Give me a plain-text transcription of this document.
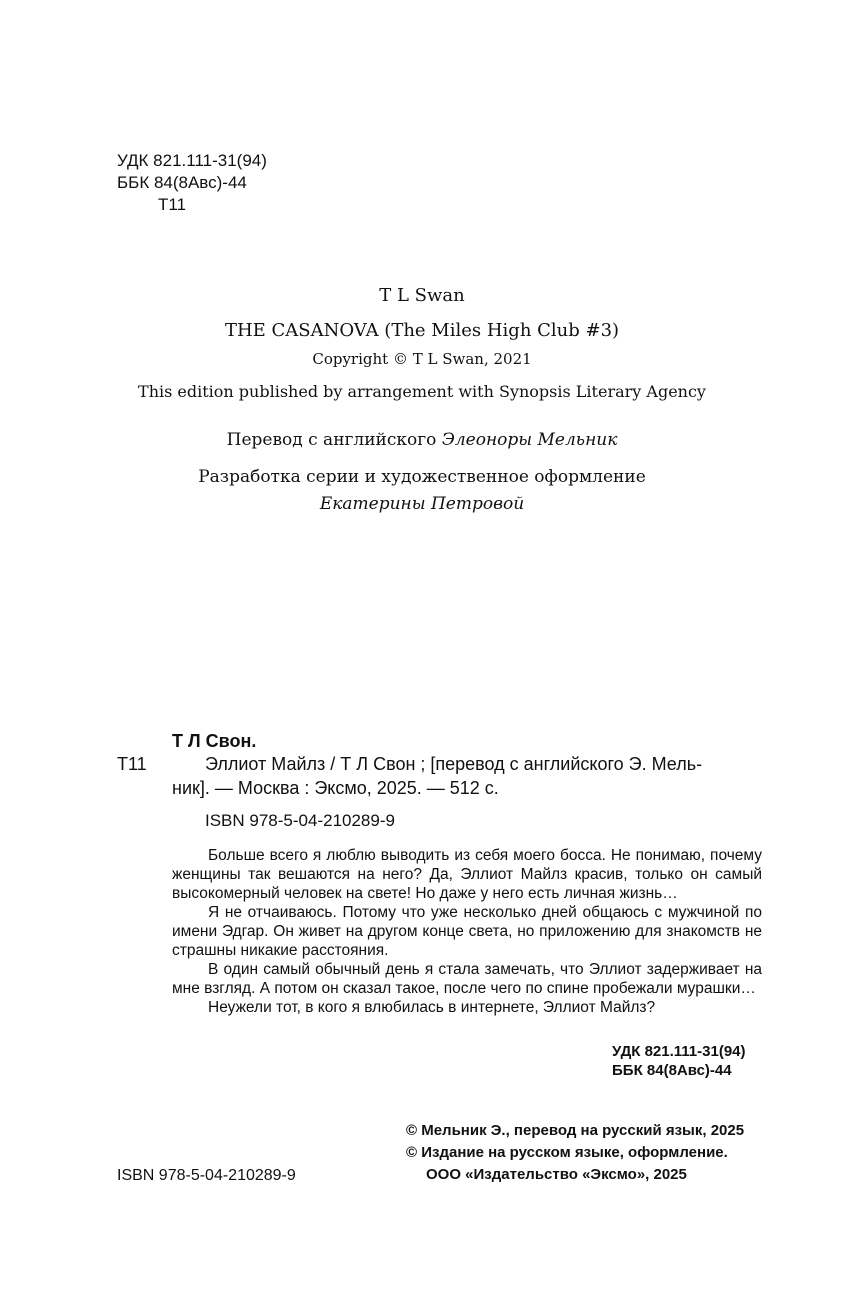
УДК 821.111-31(94)
ББК 84(8Авс)-44
Т11
T L Swan
THE CASANOVA (The Miles High Club #3)
Copyright © T L Swan, 2021
This edition published by arrangement with Synopsis Literary Agency
Перевод с английского Элеоноры Мельник
Разработка серии и художественное оформление
Екатерины Петровой
Т Л Свон.
Т11	Эллиот Майлз / Т Л Свон ; [перевод с английского Э. Мель-
ник]. — Москва : Эксмо, 2025. — 512 с.
ISBN 978-5-04-210289-9

Больше всего я люблю выводить из себя моего босса. Не понимаю, почему женщины так вешаются на него? Да, Эллиот Майлз красив, только он самый высокомерный человек на свете! Но даже у него есть личная жизнь…

Я не отчаиваюсь. Потому что уже несколько дней общаюсь с мужчиной по имени Эдгар. Он живет на другом конце света, но приложению для знакомств не страшны никакие расстояния.

В один самый обычный день я стала замечать, что Эллиот задерживает на мне взгляд. А потом он сказал такое, после чего по спине пробежали мурашки…

Неужели тот, в кого я влюбилась в интернете, Эллиот Майлз?

УДК 821.111-31(94)
ББК 84(8Авс)-44
ISBN 978-5-04-210289-9
© Мельник Э., перевод на русский язык, 2025
© Издание на русском языке, оформление.
ООО «Издательство «Эксмо», 2025
